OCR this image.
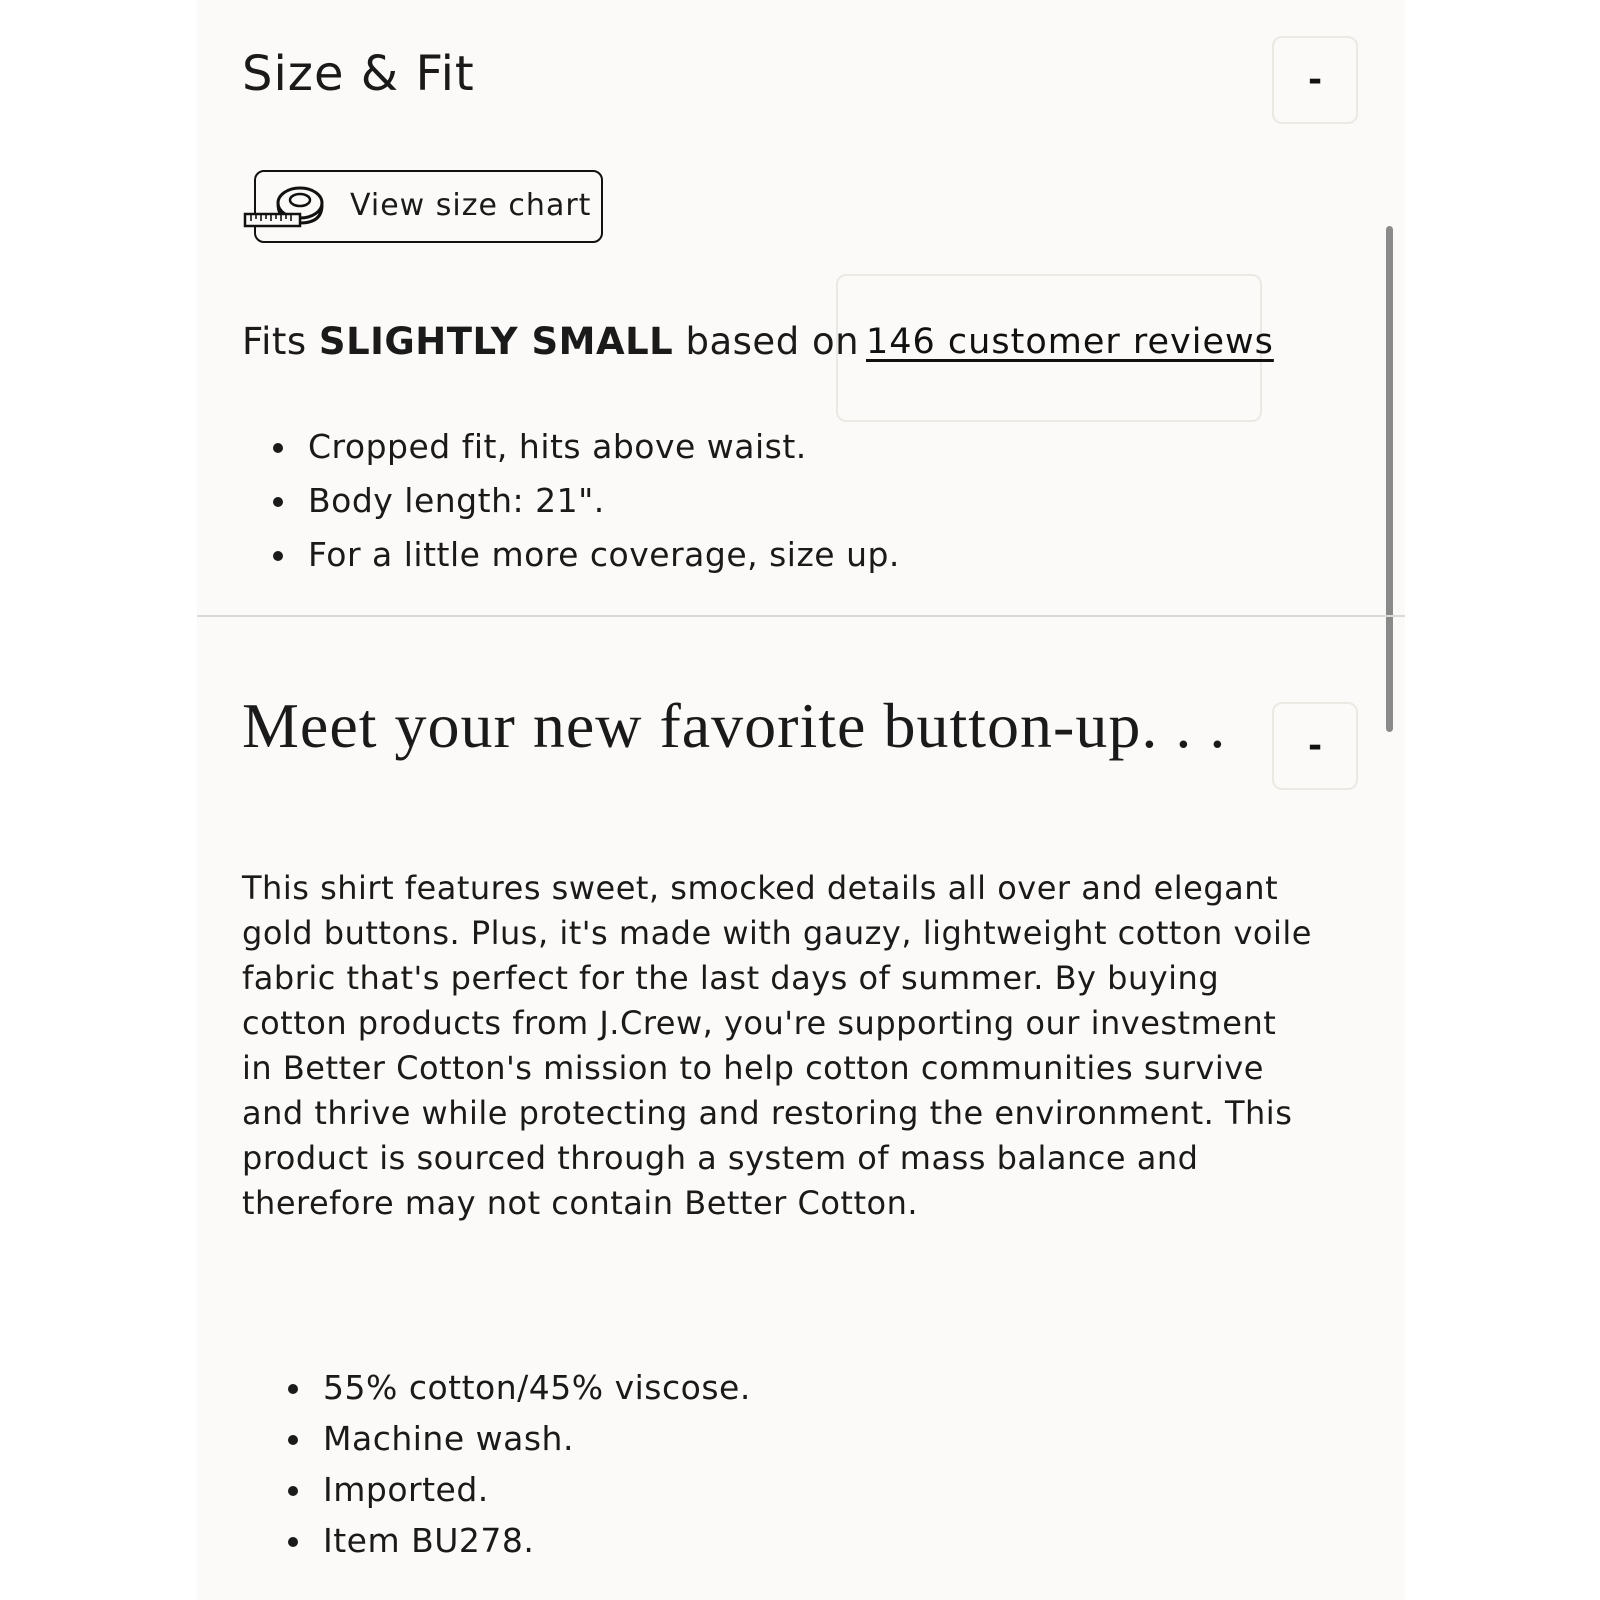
Size & Fit	-
View size chart
Fits SLIGHTLY SMALL based on 146 customer reviews
• Cropped fit, hits above waist.
• Body length: 21".
• For a little more coverage, size up.
Meet your new favorite button-up. . .	-

This shirt features sweet, smocked details all over and elegant gold buttons. Plus, it's made with gauzy, lightweight cotton voile fabric that's perfect for the last days of summer. By buying cotton products from J.Crew, you're supporting our investment in Better Cotton's mission to help cotton communities survive and thrive while protecting and restoring the environment. This product is sourced through a system of mass balance and therefore may not contain Better Cotton.

• 55% cotton/45% viscose.
• Machine wash.
• Imported.
• Item BU278.
